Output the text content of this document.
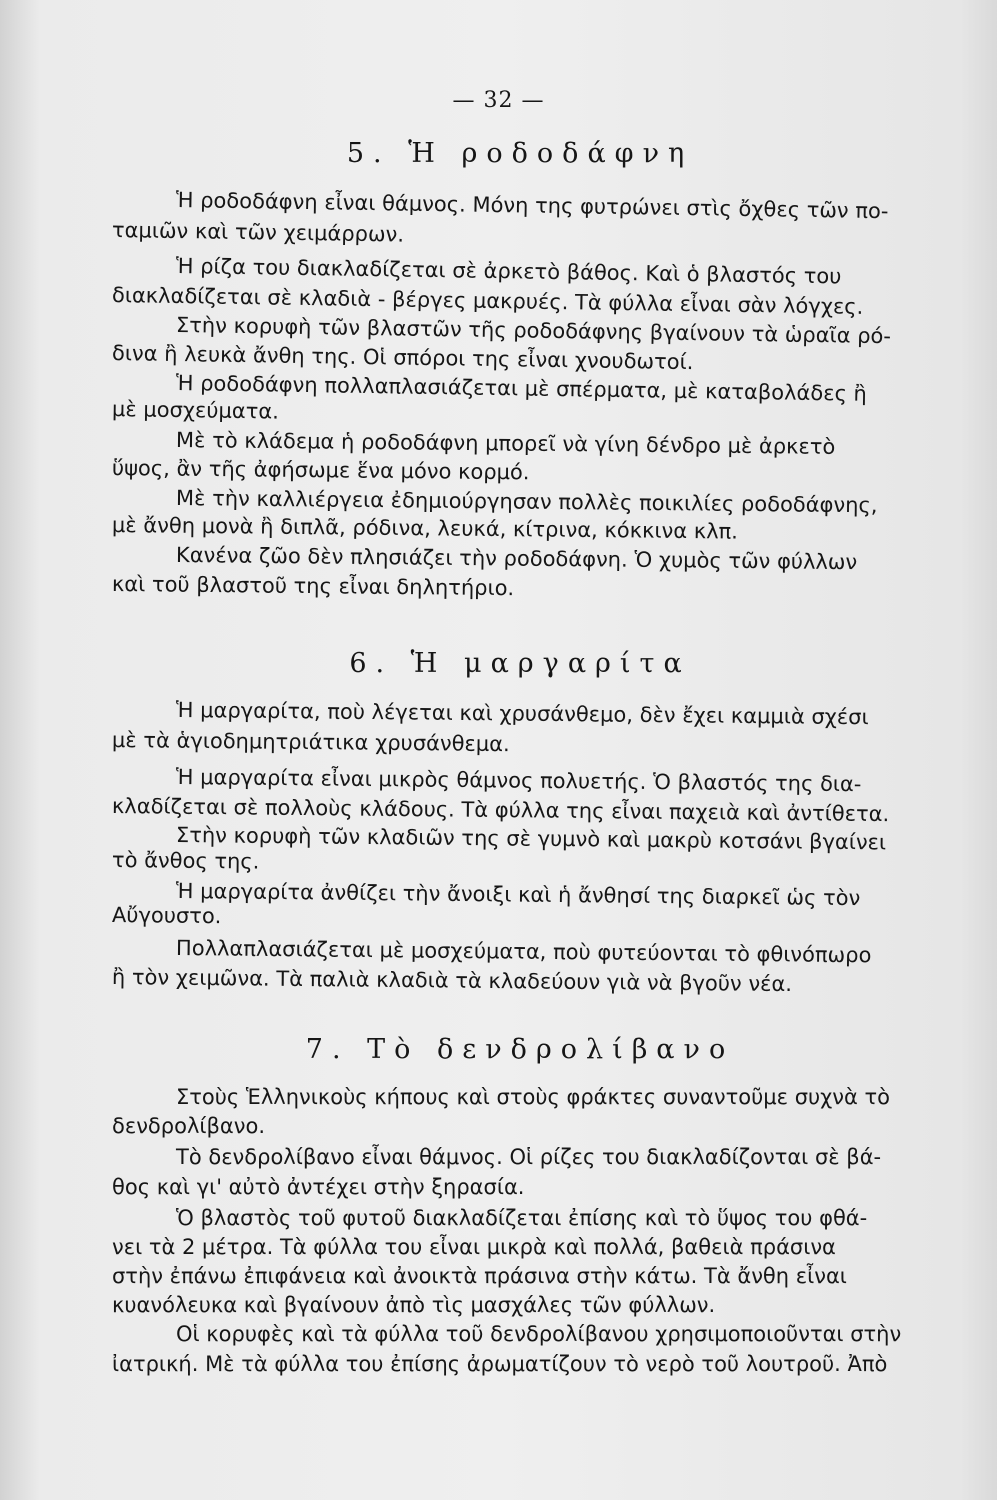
— 32 —
5. Ἡ ροδοδάφνη
Ἡ ροδοδάφνη εἶναι θάμνος. Μόνη της φυτρώνει στὶς ὄχθες τῶν πο-
ταμιῶν καὶ τῶν χειμάρρων.
Ἡ ρίζα του διακλαδίζεται σὲ ἀρκετὸ βάθος. Καὶ ὁ βλαστός του
διακλαδίζεται σὲ κλαδιὰ - βέργες μακρυές. Τὰ φύλλα εἶναι σὰν λόγχες.
Στὴν κορυφὴ τῶν βλαστῶν τῆς ροδοδάφνης βγαίνουν τὰ ὡραῖα ρό-
δινα ἢ λευκὰ ἄνθη της. Οἱ σπόροι της εἶναι χνουδωτοί.
Ἡ ροδοδάφνη πολλαπλασιάζεται μὲ σπέρματα, μὲ καταβολάδες ἢ
μὲ μοσχεύματα.
Μὲ τὸ κλάδεμα ἡ ροδοδάφνη μπορεῖ νὰ γίνη δένδρο μὲ ἀρκετὸ
ὕψος, ἂν τῆς ἀφήσωμε ἕνα μόνο κορμό.
Μὲ τὴν καλλιέργεια ἐδημιούργησαν πολλὲς ποικιλίες ροδοδάφνης,
μὲ ἄνθη μονὰ ἢ διπλᾶ, ρόδινα, λευκά, κίτρινα, κόκκινα κλπ.
Κανένα ζῶο δὲν πλησιάζει τὴν ροδοδάφνη. Ὁ χυμὸς τῶν φύλλων
καὶ τοῦ βλαστοῦ της εἶναι δηλητήριο.
6. Ἡ μαργαρίτα
Ἡ μαργαρίτα, ποὺ λέγεται καὶ χρυσάνθεμο, δὲν ἔχει καμμιὰ σχέσι
μὲ τὰ ἁγιοδημητριάτικα χρυσάνθεμα.
Ἡ μαργαρίτα εἶναι μικρὸς θάμνος πολυετής. Ὁ βλαστός της δια-
κλαδίζεται σὲ πολλοὺς κλάδους. Τὰ φύλλα της εἶναι παχειὰ καὶ ἀντίθετα.
Στὴν κορυφὴ τῶν κλαδιῶν της σὲ γυμνὸ καὶ μακρὺ κοτσάνι βγαίνει
τὸ ἄνθος της.
Ἡ μαργαρίτα ἀνθίζει τὴν ἄνοιξι καὶ ἡ ἄνθησί της διαρκεῖ ὡς τὸν
Αὔγουστο.
Πολλαπλασιάζεται μὲ μοσχεύματα, ποὺ φυτεύονται τὸ φθινόπωρο
ἢ τὸν χειμῶνα. Τὰ παλιὰ κλαδιὰ τὰ κλαδεύουν γιὰ νὰ βγοῦν νέα.
7. Τὸ δενδρολίβανο
Στοὺς Ἑλληνικοὺς κήπους καὶ στοὺς φράκτες συναντοῦμε συχνὰ τὸ
δενδρολίβανο.
Τὸ δενδρολίβανο εἶναι θάμνος. Οἱ ρίζες του διακλαδίζονται σὲ βά-
θος καὶ γι' αὐτὸ ἀντέχει στὴν ξηρασία.
Ὁ βλαστὸς τοῦ φυτοῦ διακλαδίζεται ἐπίσης καὶ τὸ ὕψος του φθά-
νει τὰ 2 μέτρα. Τὰ φύλλα του εἶναι μικρὰ καὶ πολλά, βαθειὰ πράσινα
στὴν ἐπάνω ἐπιφάνεια καὶ ἀνοικτὰ πράσινα στὴν κάτω. Τὰ ἄνθη εἶναι
κυανόλευκα καὶ βγαίνουν ἀπὸ τὶς μασχάλες τῶν φύλλων.
Οἱ κορυφὲς καὶ τὰ φύλλα τοῦ δενδρολίβανου χρησιμοποιοῦνται στὴν
ἰατρική. Μὲ τὰ φύλλα του ἐπίσης ἀρωματίζουν τὸ νερὸ τοῦ λουτροῦ. Ἀπὸ
